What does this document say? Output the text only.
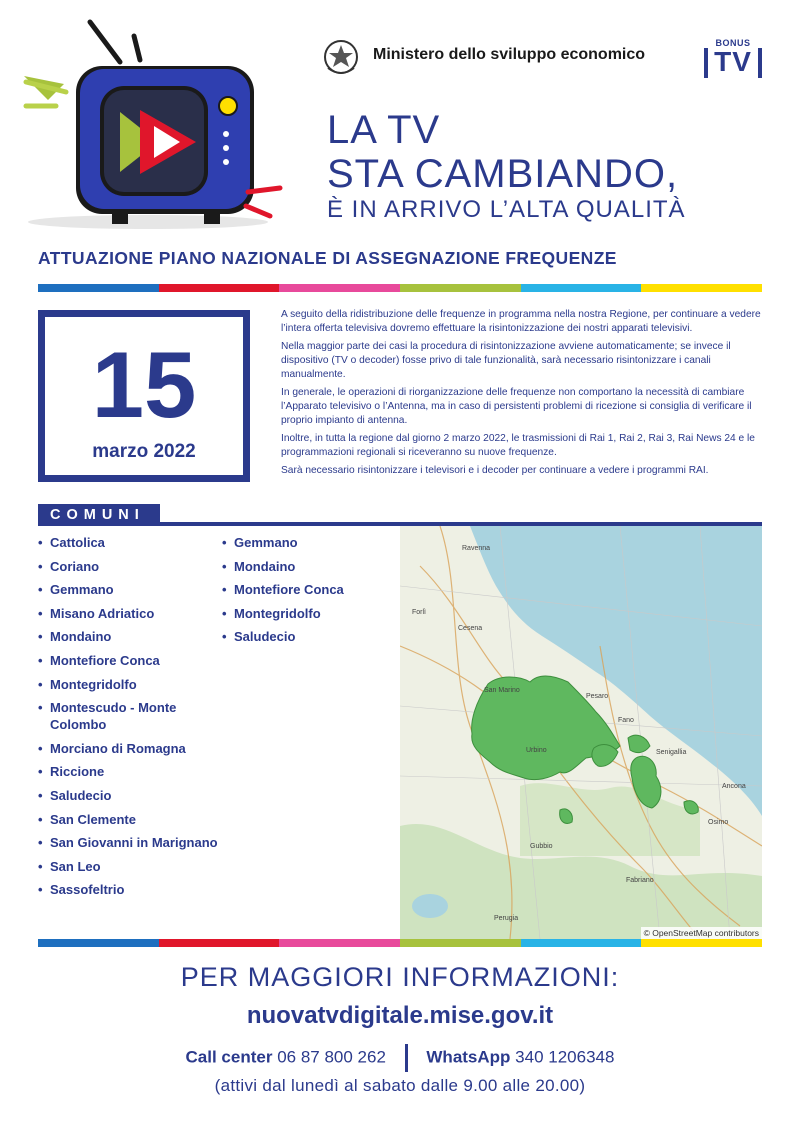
Ministero dello sviluppo economico
BONUS
TV
LA TV
STA CAMBIANDO,
È IN ARRIVO L’ALTA QUALITÀ
ATTUAZIONE PIANO NAZIONALE DI ASSEGNAZIONE FREQUENZE
15
marzo 2022

A seguito della ridistribuzione delle frequenze in programma nella nostra Regione, per continuare a vedere l’intera offerta televisiva dovremo effettuare la risintonizzazione dei nostri apparati televisivi.

Nella maggior parte dei casi la procedura di risintonizzazione avviene automaticamente; se invece il dispositivo (TV o decoder) fosse privo di tale funzionalità, sarà necessario risintonizzare i canali manualmente.

In generale, le operazioni di riorganizzazione delle frequenze non comportano la necessità di cambiare l’Apparato televisivo o l’Antenna, ma in caso di persistenti problemi di ricezione si consiglia di verificare il proprio impianto di antenna.

Inoltre, in tutta la regione dal giorno 2 marzo 2022, le trasmissioni di Rai 1, Rai 2, Rai 3, Rai News 24 e le programmazioni regionali si riceveranno su nuove frequenze.

Sarà necessario risintonizzare i televisori e i decoder per continuare a vedere i programmi RAI.

COMUNI
• Cattolica
• Coriano
• Gemmano
• Misano Adriatico
• Mondaino
• Montefiore Conca
• Montegridolfo
• Montescudo - Monte Colombo
• Morciano di Romagna
• Riccione
• Saludecio
• San Clemente
• San Giovanni in Marignano
• San Leo
• Sassofeltrio
• Gemmano
• Mondaino
• Montefiore Conca
• Montegridolfo
• Saludecio
Ravenna
Forlì
Cesena
San Marino
Pesaro
Urbino
Fano
Senigallia
Ancona
Perugia
Gubbio
Fabriano
Osimo
© OpenStreetMap contributors
PER MAGGIORI INFORMAZIONI:
nuovatvdigitale.mise.gov.it
Call center 06 87 800 262 WhatsApp 340 1206348
(attivi dal lunedì al sabato dalle 9.00 alle 20.00)
